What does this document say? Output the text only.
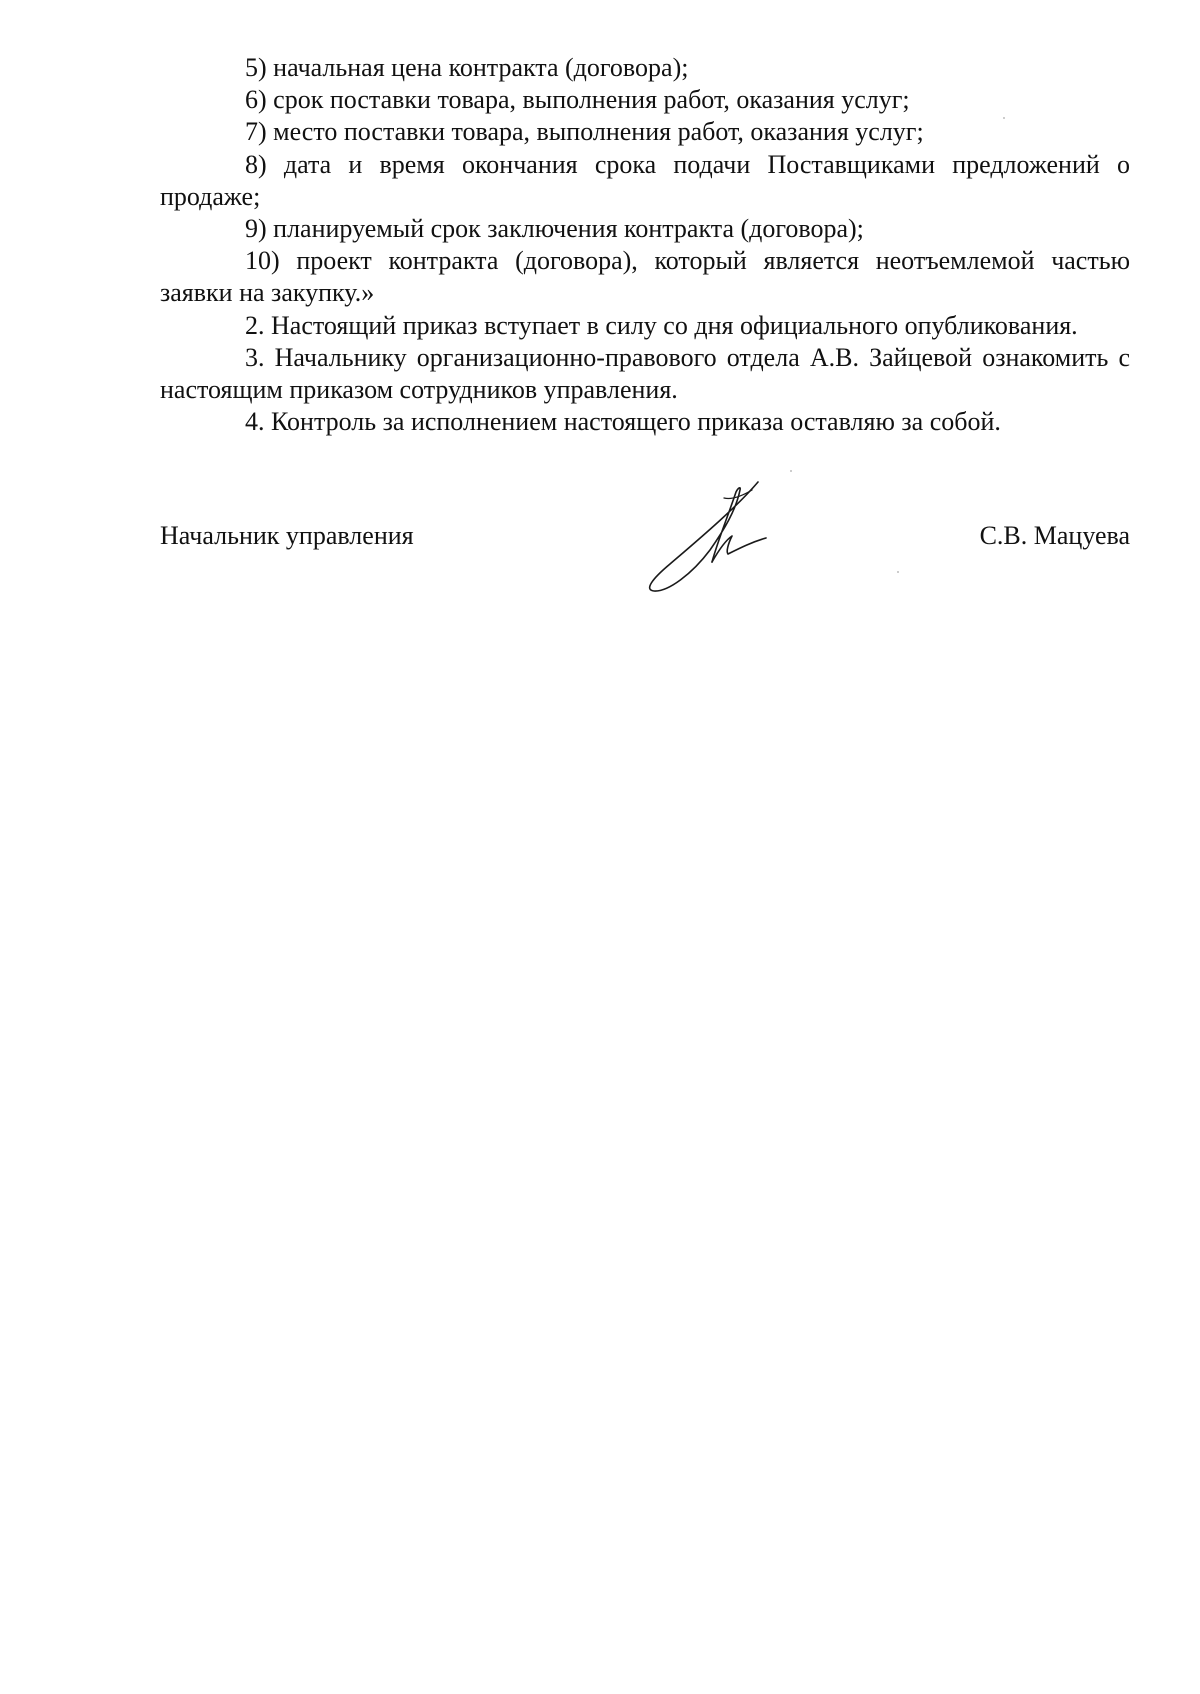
5) начальная цена контракта (договора);

6) срок поставки товара, выполнения работ, оказания услуг;

7) место поставки товара, выполнения работ, оказания услуг;

8) дата и время окончания срока подачи Поставщиками предложений о продаже;

9) планируемый срок заключения контракта (договора);

10) проект контракта (договора), который является неотъемлемой частью заявки на закупку.»

2. Настоящий приказ вступает в силу со дня официального опубликования.

3. Начальнику организационно-правового отдела А.В. Зайцевой ознакомить с настоящим приказом сотрудников управления.

4. Контроль за исполнением настоящего приказа оставляю за собой.

Начальник управления	С.В. Мацуева
